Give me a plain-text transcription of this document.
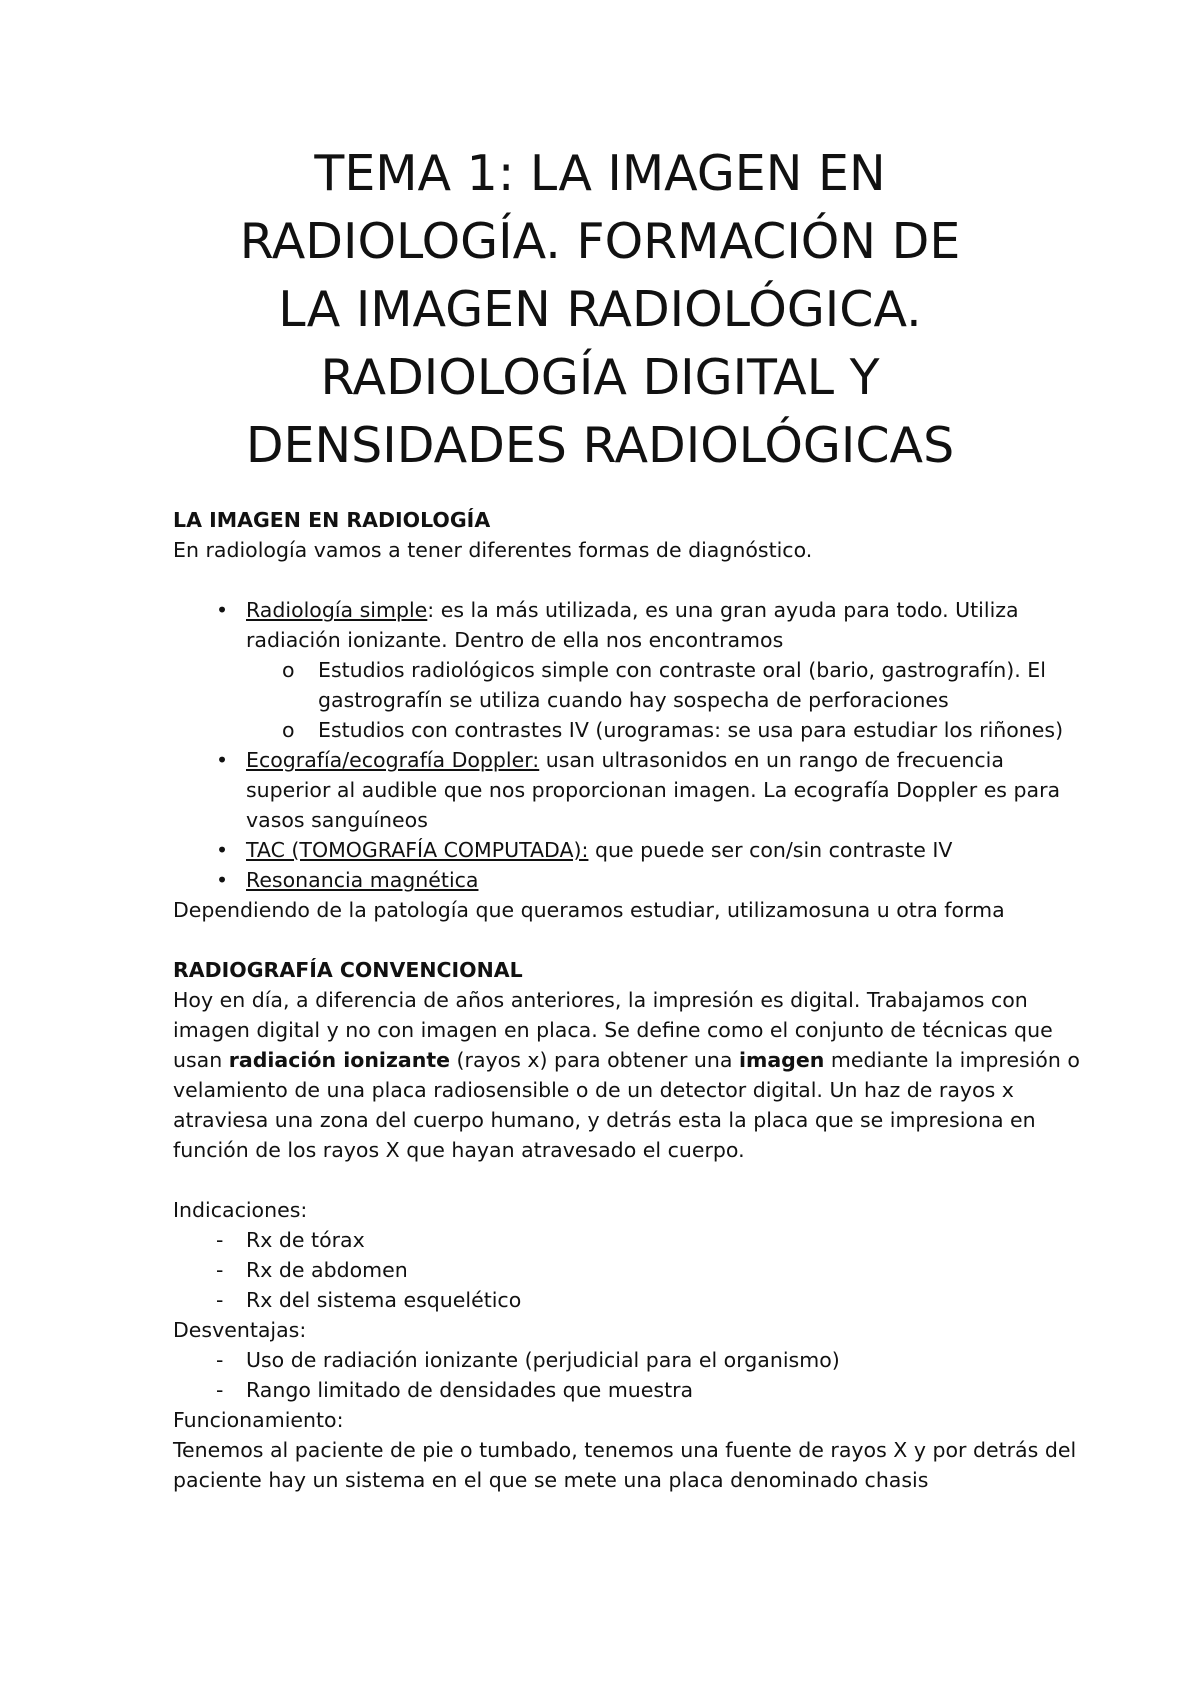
TEMA 1: LA IMAGEN EN
RADIOLOGÍA. FORMACIÓN DE
LA IMAGEN RADIOLÓGICA.
RADIOLOGÍA DIGITAL Y
DENSIDADES RADIOLÓGICAS
LA IMAGEN EN RADIOLOGÍA
En radiología vamos a tener diferentes formas de diagnóstico.
• Radiología simple: es la más utilizada, es una gran ayuda para todo. Utiliza
radiación ionizante. Dentro de ella nos encontramos
o Estudios radiológicos simple con contraste oral (bario, gastrografín). El
gastrografín se utiliza cuando hay sospecha de perforaciones
o Estudios con contrastes IV (urogramas: se usa para estudiar los riñones)
• Ecografía/ecografía Doppler: usan ultrasonidos en un rango de frecuencia
superior al audible que nos proporcionan imagen. La ecografía Doppler es para
vasos sanguíneos
• TAC (TOMOGRAFÍA COMPUTADA): que puede ser con/sin contraste IV
• Resonancia magnética
Dependiendo de la patología que queramos estudiar, utilizamosuna u otra forma
RADIOGRAFÍA CONVENCIONAL
Hoy en día, a diferencia de años anteriores, la impresión es digital. Trabajamos con
imagen digital y no con imagen en placa. Se define como el conjunto de técnicas que
usan radiación ionizante (rayos x) para obtener una imagen mediante la impresión o
velamiento de una placa radiosensible o de un detector digital. Un haz de rayos x
atraviesa una zona del cuerpo humano, y detrás esta la placa que se impresiona en
función de los rayos X que hayan atravesado el cuerpo.
Indicaciones:
- Rx de tórax
- Rx de abdomen
- Rx del sistema esquelético
Desventajas:
- Uso de radiación ionizante (perjudicial para el organismo)
- Rango limitado de densidades que muestra
Funcionamiento:
Tenemos al paciente de pie o tumbado, tenemos una fuente de rayos X y por detrás del
paciente hay un sistema en el que se mete una placa denominado chasis
